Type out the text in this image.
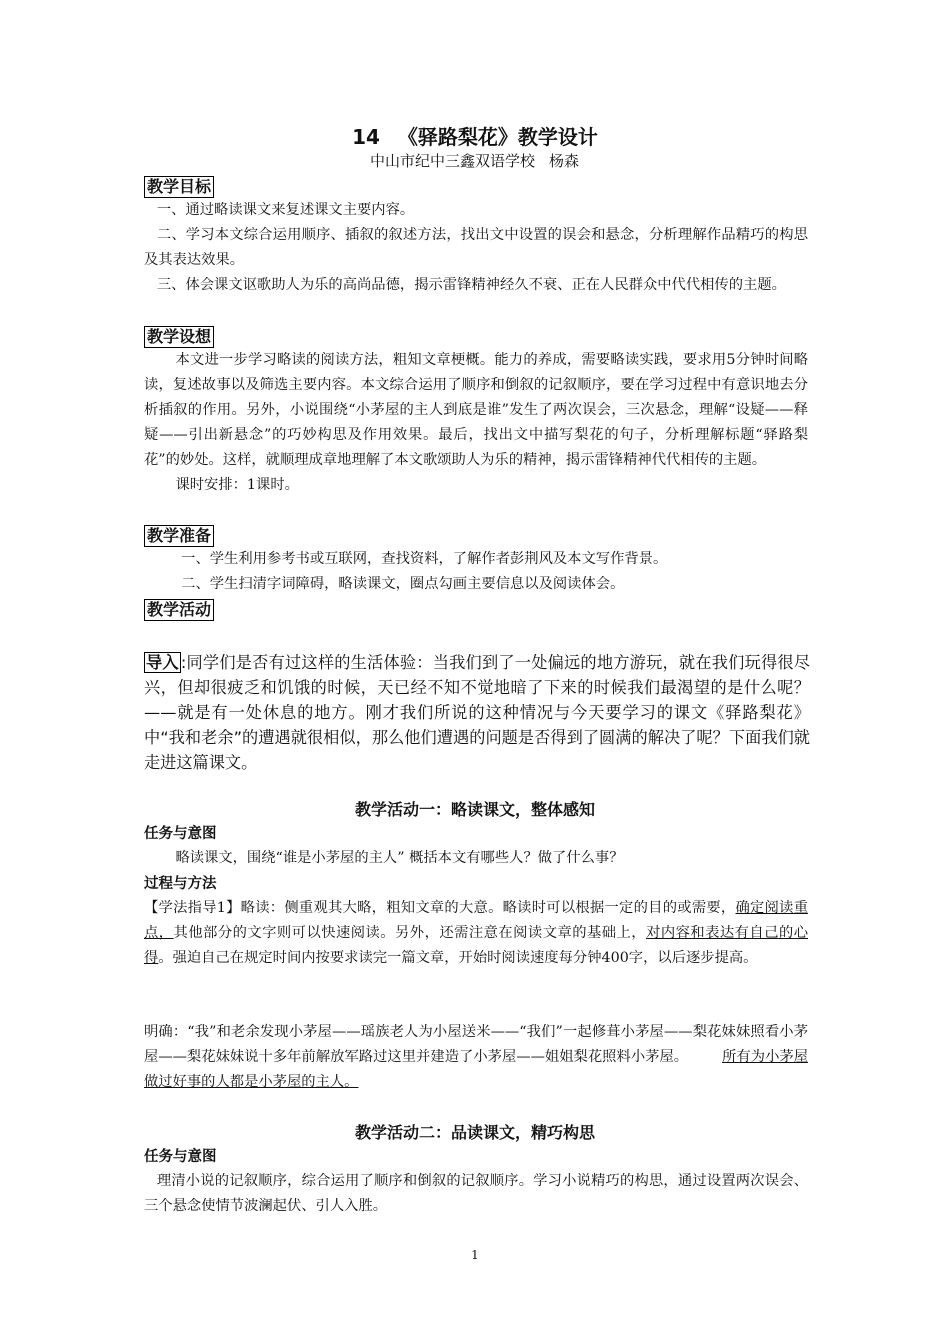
14 《驿路梨花》教学设计
中山市纪中三鑫双语学校 杨森
教学目标

一、通过略读课文来复述课文主要内容。

二、学习本文综合运用顺序、插叙的叙述方法，找出文中设置的误会和悬念，分析理解作品精巧的构思及其表达效果。

三、体会课文讴歌助人为乐的高尚品德，揭示雷锋精神经久不衰、正在人民群众中代代相传的主题。

教学设想

本文进一步学习略读的阅读方法，粗知文章梗概。能力的养成，需要略读实践，要求用5分钟时间略读，复述故事以及筛选主要内容。本文综合运用了顺序和倒叙的记叙顺序，要在学习过程中有意识地去分析插叙的作用。另外，小说围绕“小茅屋的主人到底是谁”发生了两次误会，三次悬念，理解“设疑——释疑——引出新悬念”的巧妙构思及作用效果。最后，找出文中描写梨花的句子，分析理解标题“驿路梨花”的妙处。这样，就顺理成章地理解了本文歌颂助人为乐的精神，揭示雷锋精神代代相传的主题。

课时安排：1课时。

教学准备

一、学生利用参考书或互联网，查找资料，了解作者彭荆风及本文写作背景。

二、学生扫清字词障碍，略读课文，圈点勾画主要信息以及阅读体会。

教学活动
导入 :同学们是否有过这样的生活体验：当我们到了一处偏远的地方游玩，就在我们玩得很尽兴，但却很疲乏和饥饿的时候，天已经不知不觉地暗了下来的时候我们最渴望的是什么呢？——就是有一处休息的地方。刚才我们所说的这种情况与今天要学习的课文《驿路梨花》中“我和老余”的遭遇就很相似，那么他们遭遇的问题是否得到了圆满的解决了呢？下面我们就走进这篇课文。
教学活动一：略读课文，整体感知
任务与意图

略读课文，围绕“谁是小茅屋的主人” 概括本文有哪些人？做了什么事？

过程与方法

【学法指导1】略读：侧重观其大略，粗知文章的大意。略读时可以根据一定的目的或需要，确定阅读重点，其他部分的文字则可以快速阅读。另外，还需注意在阅读文章的基础上，对内容和表达有自己的心得。强迫自己在规定时间内按要求读完一篇文章，开始时阅读速度每分钟400字，以后逐步提高。

明确：“我”和老余发现小茅屋——瑶族老人为小屋送米——“我们”一起修葺小茅屋——梨花妹妹照看小茅屋——梨花妹妹说十多年前解放军路过这里并建造了小茅屋——姐姐梨花照料小茅屋。 所有为小茅屋做过好事的人都是小茅屋的主人。

教学活动二：品读课文，精巧构思
任务与意图

理清小说的记叙顺序，综合运用了顺序和倒叙的记叙顺序。学习小说精巧的构思，通过设置两次误会、三个悬念使情节波澜起伏、引人入胜。

1
